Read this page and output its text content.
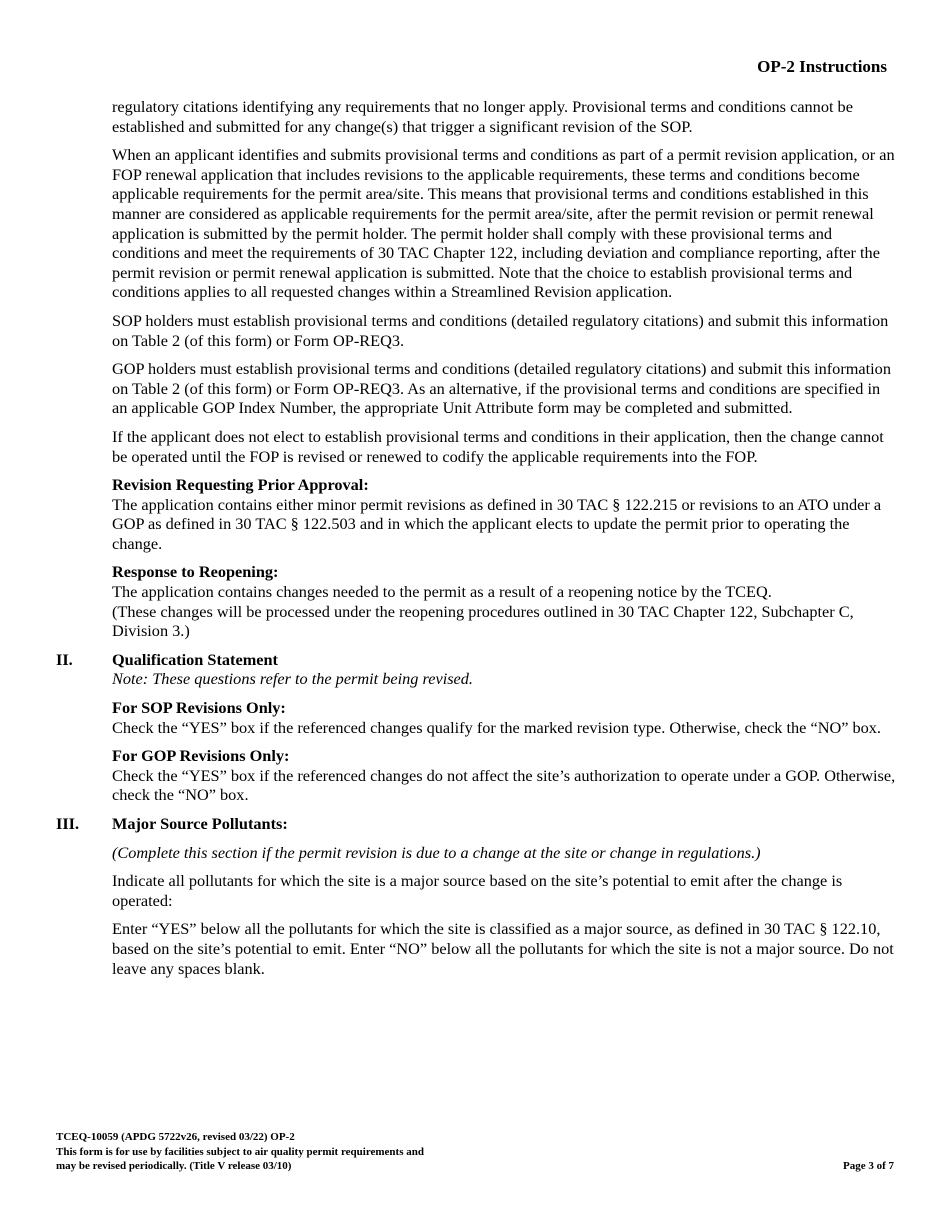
OP-2 Instructions

regulatory citations identifying any requirements that no longer apply. Provisional terms and conditions cannot be established and submitted for any change(s) that trigger a significant revision of the SOP.

When an applicant identifies and submits provisional terms and conditions as part of a permit revision application, or an FOP renewal application that includes revisions to the applicable requirements, these terms and conditions become applicable requirements for the permit area/site. This means that provisional terms and conditions established in this manner are considered as applicable requirements for the permit area/site, after the permit revision or permit renewal application is submitted by the permit holder. The permit holder shall comply with these provisional terms and conditions and meet the requirements of 30 TAC Chapter 122, including deviation and compliance reporting, after the permit revision or permit renewal application is submitted. Note that the choice to establish provisional terms and conditions applies to all requested changes within a Streamlined Revision application.

SOP holders must establish provisional terms and conditions (detailed regulatory citations) and submit this information on Table 2 (of this form) or Form OP-REQ3.

GOP holders must establish provisional terms and conditions (detailed regulatory citations) and submit this information on Table 2 (of this form) or Form OP-REQ3. As an alternative, if the provisional terms and conditions are specified in an applicable GOP Index Number, the appropriate Unit Attribute form may be completed and submitted.

If the applicant does not elect to establish provisional terms and conditions in their application, then the change cannot be operated until the FOP is revised or renewed to codify the applicable requirements into the FOP.

Revision Requesting Prior Approval:

The application contains either minor permit revisions as defined in 30 TAC § 122.215 or revisions to an ATO under a GOP as defined in 30 TAC § 122.503 and in which the applicant elects to update the permit prior to operating the change.

Response to Reopening:
The application contains changes needed to the permit as a result of a reopening notice by the TCEQ.

(These changes will be processed under the reopening procedures outlined in 30 TAC Chapter 122, Subchapter C, Division 3.)

II.	Qualification Statement

Note: These questions refer to the permit being revised.

For SOP Revisions Only:

Check the “YES” box if the referenced changes qualify for the marked revision type. Otherwise, check the “NO” box.

For GOP Revisions Only:

Check the “YES” box if the referenced changes do not affect the site’s authorization to operate under a GOP. Otherwise, check the “NO” box.

III.	Major Source Pollutants:

(Complete this section if the permit revision is due to a change at the site or change in regulations.)

Indicate all pollutants for which the site is a major source based on the site’s potential to emit after the change is operated:

Enter “YES” below all the pollutants for which the site is classified as a major source, as defined in 30 TAC § 122.10, based on the site’s potential to emit. Enter “NO” below all the pollutants for which the site is not a major source. Do not leave any spaces blank.

TCEQ-10059 (APDG 5722v26, revised 03/22) OP-2
This form is for use by facilities subject to air quality permit requirements and
may be revised periodically. (Title V release 03/10)	Page 3 of 7
